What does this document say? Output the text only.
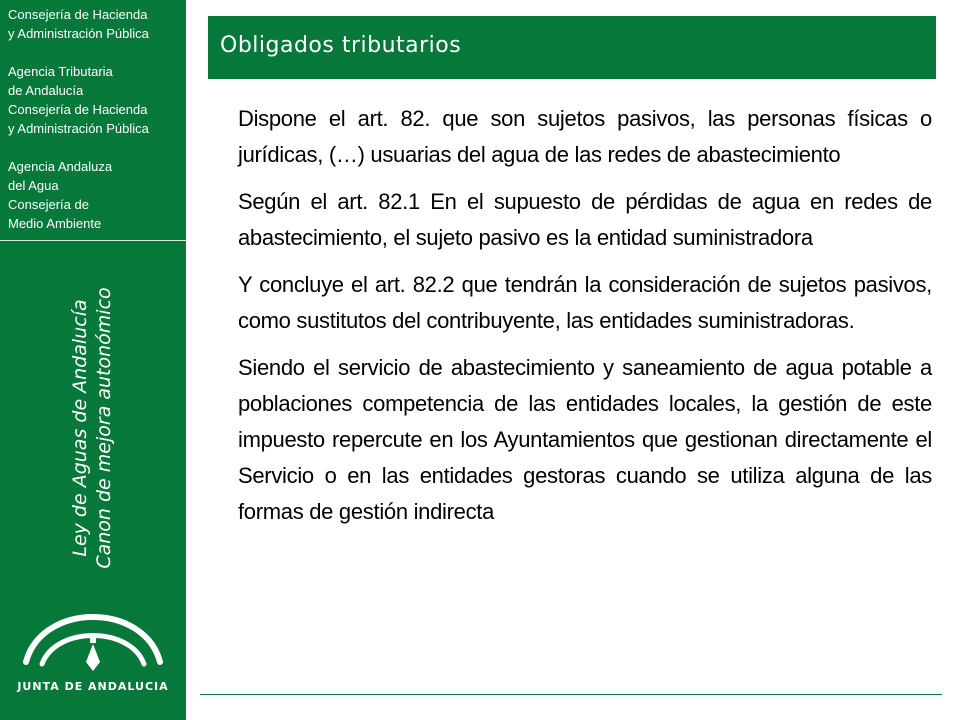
Consejería de Hacienda
y Administración Pública
Agencia Tributaria
de Andalucía
Consejería de Hacienda
y Administración Pública
Agencia Andaluza
del Agua
Consejería de
Medio Ambiente
Ley de Aguas de Andalucía Canon de mejora autonómico
JUNTA DE ANDALUCIA
Obligados tributarios

Dispone el art. 82. que son sujetos pasivos, las personas físicas o jurídicas, (…) usuarias del agua de las redes de abastecimiento

Según el art. 82.1 En el supuesto de pérdidas de agua en redes de abastecimiento, el sujeto pasivo es la entidad suministradora

Y concluye el art. 82.2 que tendrán la consideración de sujetos pasivos, como sustitutos del contribuyente, las entidades suministradoras.

Siendo el servicio de abastecimiento y saneamiento de agua potable a poblaciones competencia de las entidades locales, la gestión de este impuesto repercute en los Ayuntamientos que gestionan directamente el Servicio o en las entidades gestoras cuando se utiliza alguna de las formas de gestión indirecta
